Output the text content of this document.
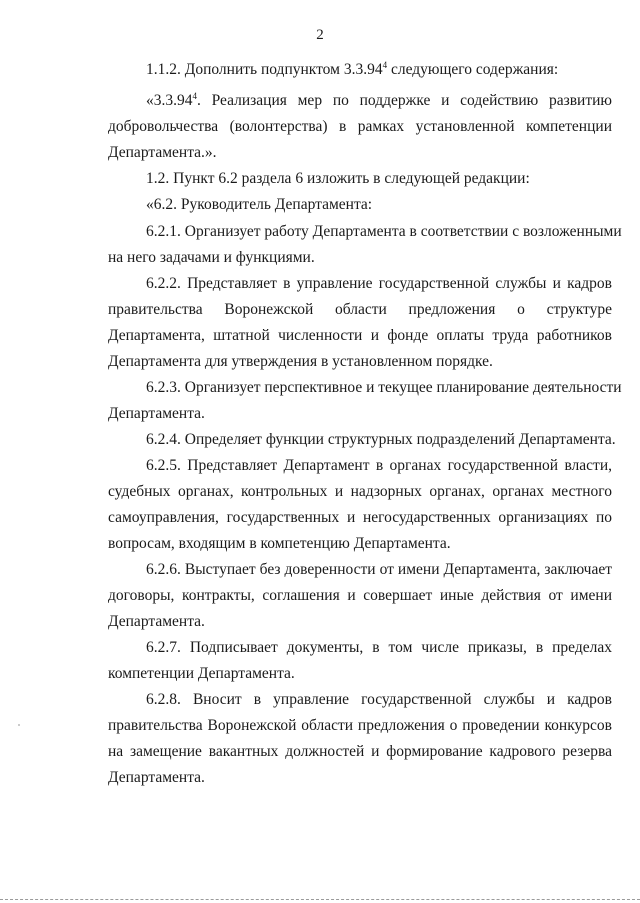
2
1.1.2. Дополнить подпунктом 3.3.94$^4$ следующего содержания:
«3.3.94$^4$. Реализация мер по поддержке и содействию развитию
добровольчества (волонтерства) в рамках установленной компетенции
Департамента.».
1.2. Пункт 6.2 раздела 6 изложить в следующей редакции:
«6.2. Руководитель Департамента:
6.2.1. Организует работу Департамента в соответствии с возложенными
на него задачами и функциями.
6.2.2. Представляет в управление государственной службы и кадров
правительства Воронежской области предложения о структуре
Департамента, штатной численности и фонде оплаты труда работников
Департамента для утверждения в установленном порядке.
6.2.3. Организует перспективное и текущее планирование деятельности
Департамента.
6.2.4. Определяет функции структурных подразделений Департамента.
6.2.5. Представляет Департамент в органах государственной власти,
судебных органах, контрольных и надзорных органах, органах местного
самоуправления, государственных и негосударственных организациях по
вопросам, входящим в компетенцию Департамента.
6.2.6. Выступает без доверенности от имени Департамента, заключает
договоры, контракты, соглашения и совершает иные действия от имени
Департамента.
6.2.7. Подписывает документы, в том числе приказы, в пределах
компетенции Департамента.
6.2.8. Вносит в управление государственной службы и кадров
правительства Воронежской области предложения о проведении конкурсов
на замещение вакантных должностей и формирование кадрового резерва
Департамента.
